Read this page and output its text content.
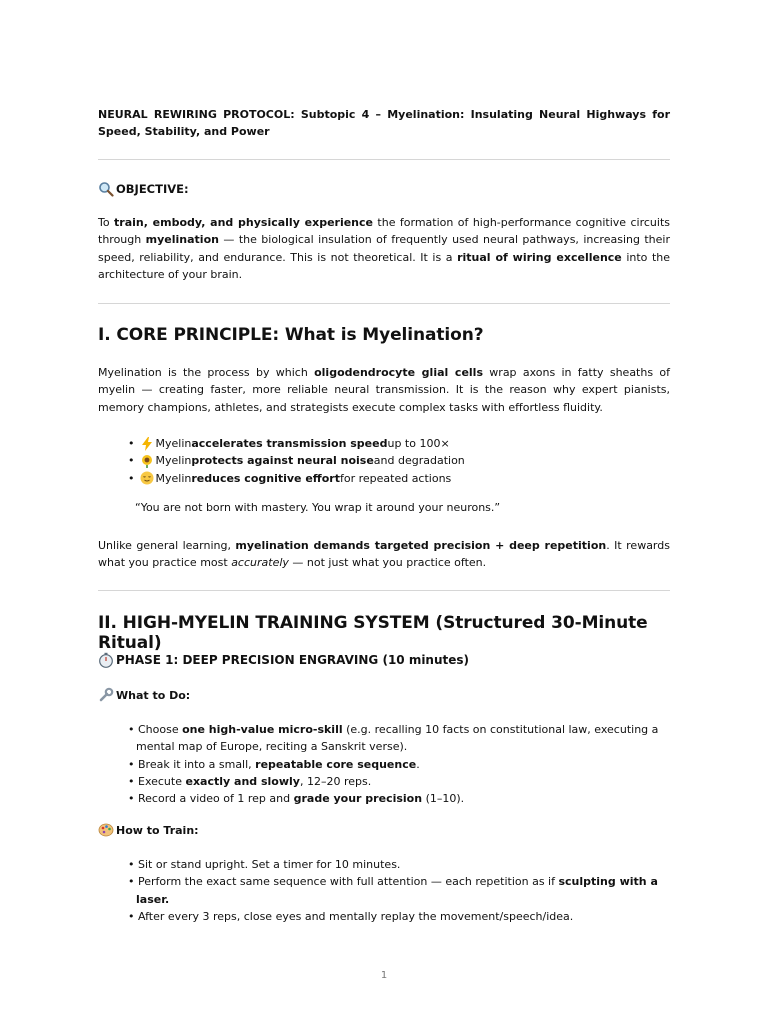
NEURAL REWIRING PROTOCOL: Subtopic 4 – Myelination: Insulating Neural Highways for Speed, Stability, and Power

OBJECTIVE:

To train, embody, and physically experience the formation of high-performance cognitive circuits through myelination — the biological insulation of frequently used neural pathways, increasing their speed, reliability, and endurance. This is not theoretical. It is a ritual of wiring excellence into the architecture of your brain.

I. CORE PRINCIPLE: What is Myelination?

Myelination is the process by which oligodendrocyte glial cells wrap axons in fatty sheaths of myelin — creating faster, more reliable neural transmission. It is the reason why expert pianists, memory champions, athletes, and strategists execute complex tasks with effortless fluidity.

• Myelin accelerates transmission speed up to 100×
• Myelin protects against neural noise and degradation
• Myelin reduces cognitive effort for repeated actions

“You are not born with mastery. You wrap it around your neurons.”

Unlike general learning, myelination demands targeted precision + deep repetition. It rewards what you practice most accurately — not just what you practice often.

II. HIGH-MYELIN TRAINING SYSTEM (Structured 30-Minute Ritual)
PHASE 1: DEEP PRECISION ENGRAVING (10 minutes)
What to Do:
• Choose one high-value micro-skill (e.g. recalling 10 facts on constitutional law, executing a mental map of Europe, reciting a Sanskrit verse).
• Break it into a small, repeatable core sequence.
• Execute exactly and slowly, 12–20 reps.
• Record a video of 1 rep and grade your precision (1–10).
How to Train:
• Sit or stand upright. Set a timer for 10 minutes.
• Perform the exact same sequence with full attention — each repetition as if sculpting with a laser.
• After every 3 reps, close eyes and mentally replay the movement/speech/idea.

1
